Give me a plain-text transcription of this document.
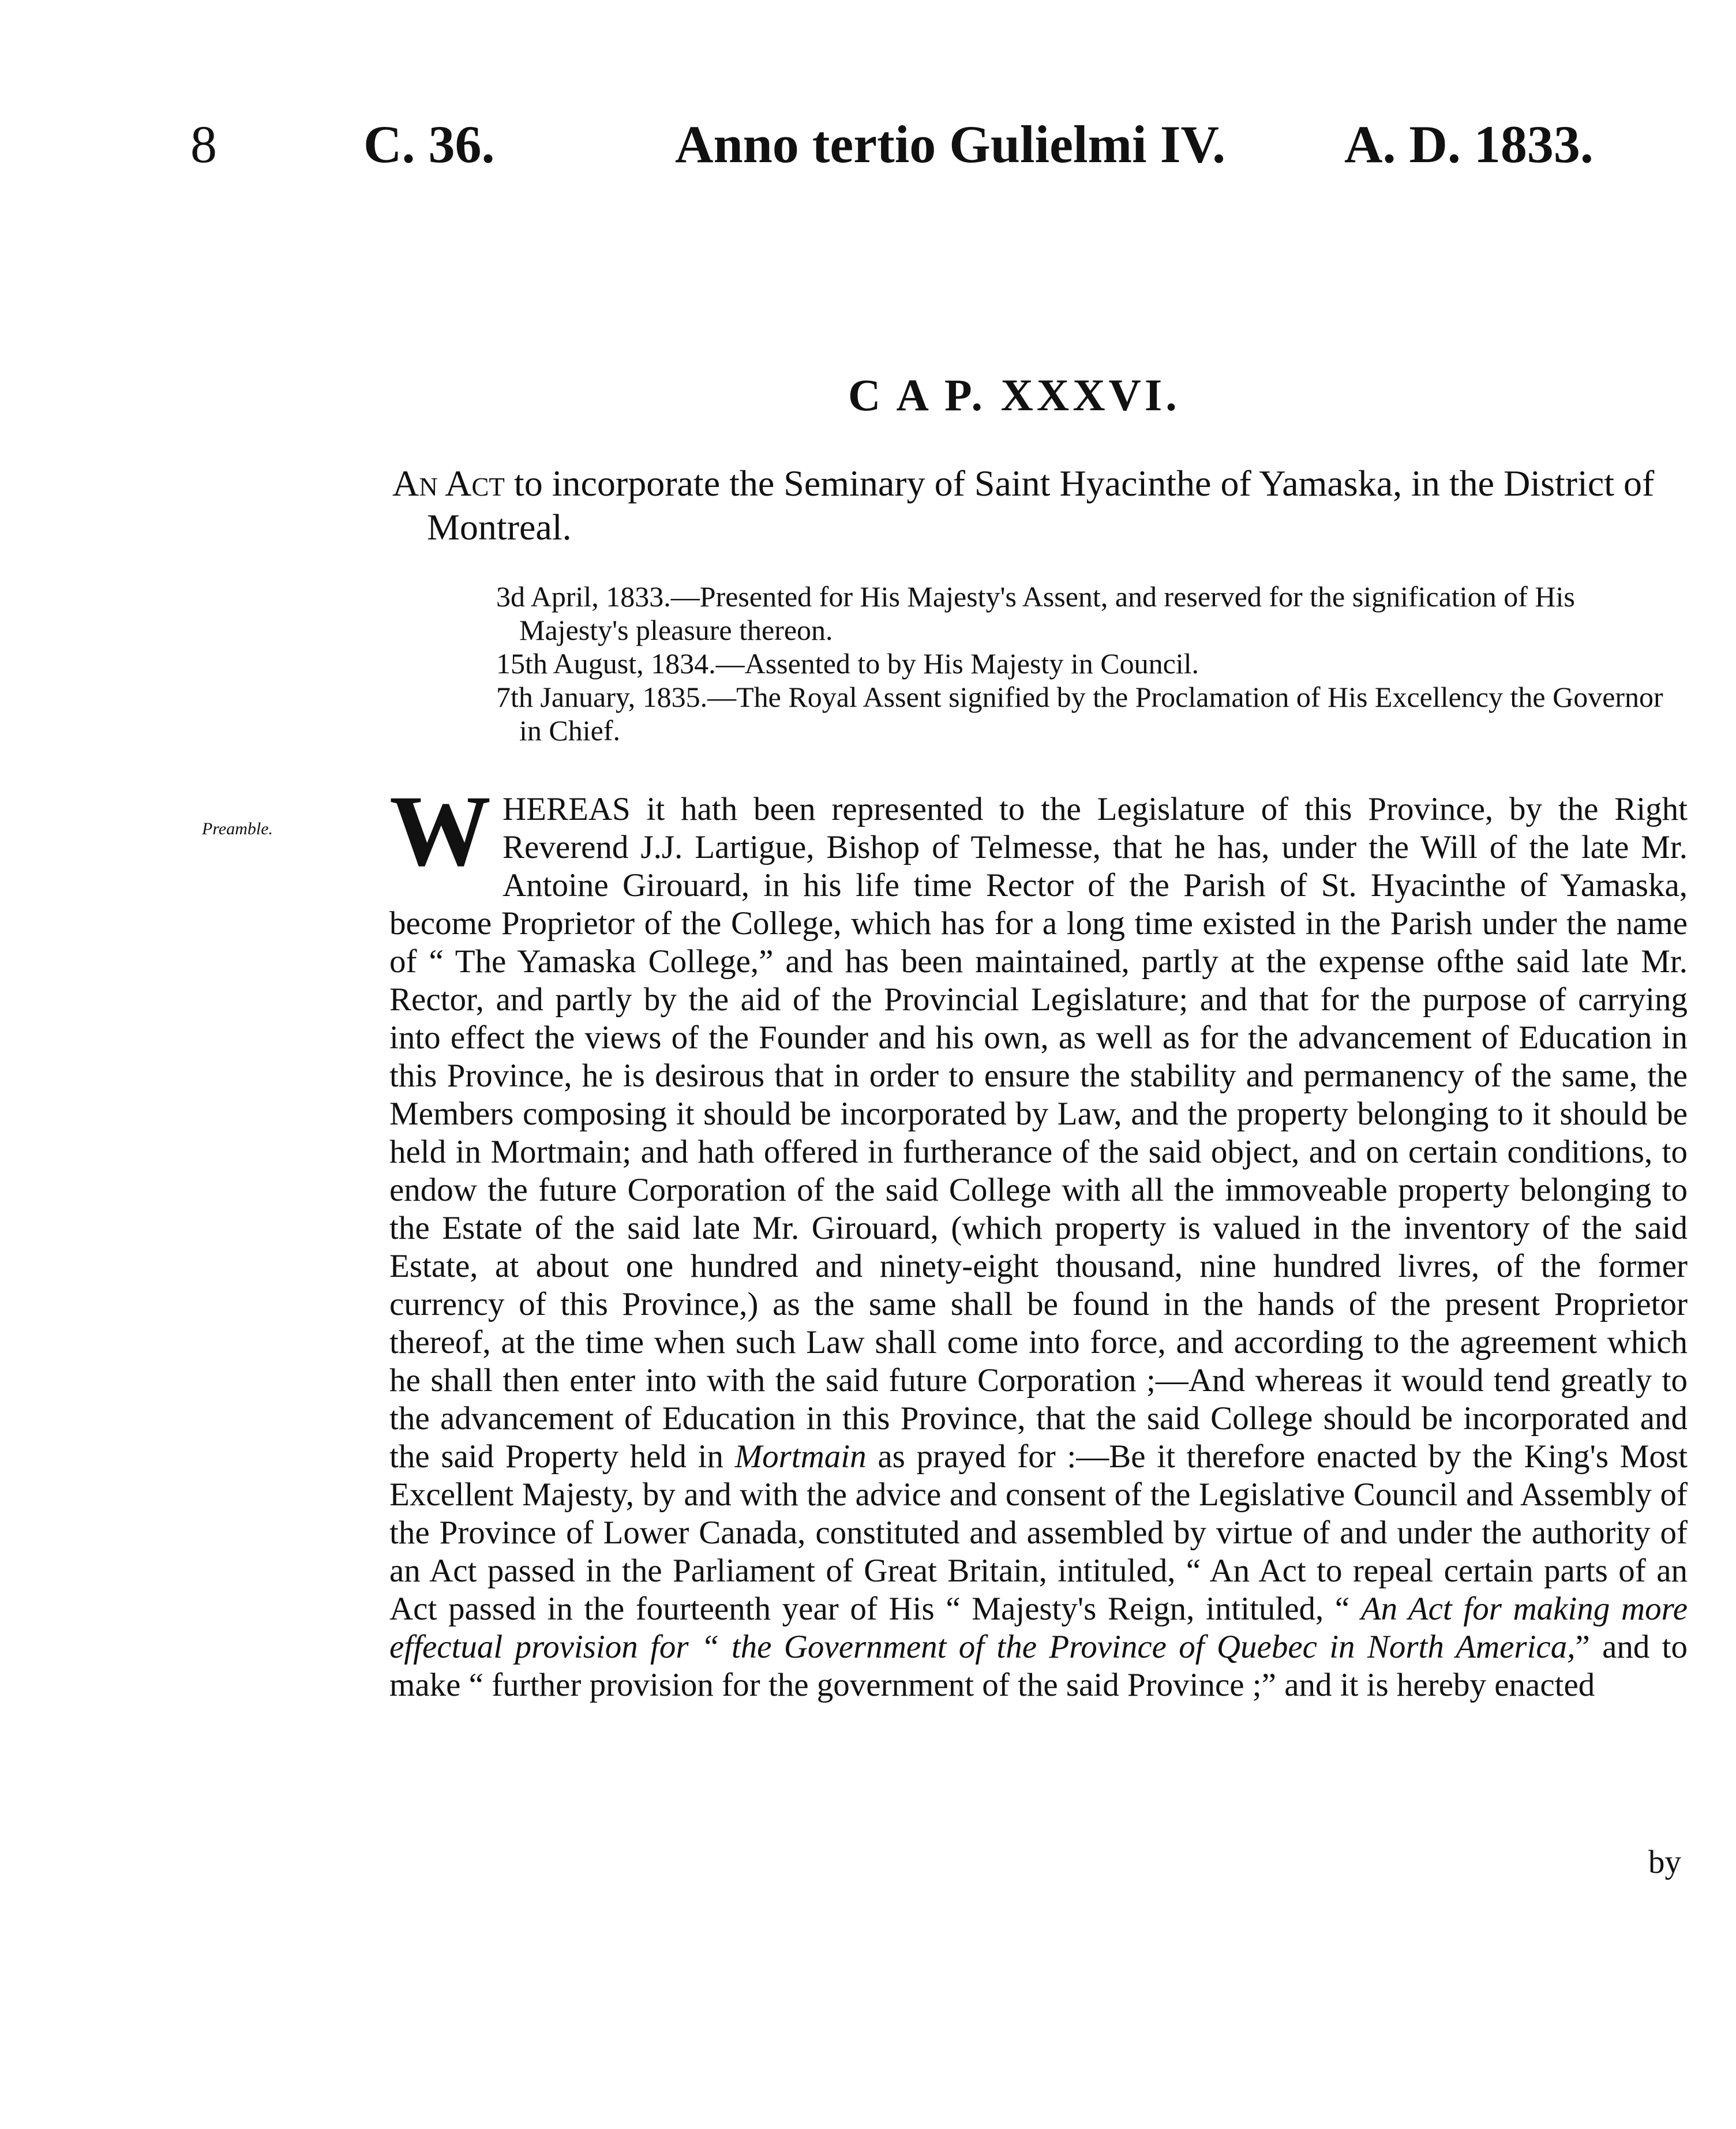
8	C. 36.	Anno tertio Gulielmi IV. A. D. 1833.
C A P. XXXVI.
An Act to incorporate the Seminary of Saint Hyacinthe of Yamaska, in the District of Montreal.

3d April, 1833.—Presented for His Majesty's Assent, and reserved for the signification of His Majesty's pleasure thereon.

15th August, 1834.—Assented to by His Majesty in Council.

7th January, 1835.—The Royal Assent signified by the Proclamation of His Excellency the Governor in Chief.

Preamble. WHEREAS it hath been represented to the Legislature of this Province, by the Right Reverend J.J. Lartigue, Bishop of Telmesse, that he has, under the Will of the late Mr. Antoine Girouard, in his life time Rector of the Parish of St. Hyacinthe of Yamaska, become Proprietor of the College, which has for a long time existed in the Parish under the name of “ The Yamaska College,” and has been maintained, partly at the expense ofthe said late Mr. Rector, and partly by the aid of the Provincial Legislature; and that for the purpose of carrying into effect the views of the Founder and his own, as well as for the advancement of Education in this Province, he is desirous that in order to ensure the stability and permanency of the same, the Members composing it should be incorporated by Law, and the property belonging to it should be held in Mortmain; and hath offered in furtherance of the said object, and on certain conditions, to endow the future Corporation of the said College with all the immoveable property belonging to the Estate of the said late Mr. Girouard, (which property is valued in the inventory of the said Estate, at about one hundred and ninety-eight thousand, nine hundred livres, of the former currency of this Province,) as the same shall be found in the hands of the present Proprietor thereof, at the time when such Law shall come into force, and according to the agreement which he shall then enter into with the said future Corporation ;—And whereas it would tend greatly to the advancement of Education in this Province, that the said College should be incorporated and the said Property held in Mortmain as prayed for :—Be it therefore enacted by the King's Most Excellent Majesty, by and with the advice and consent of the Legislative Council and Assembly of the Province of Lower Canada, constituted and assembled by virtue of and under the authority of an Act passed in the Parliament of Great Britain, intituled, “ An Act to repeal certain parts of an Act passed in the fourteenth year of His “ Majesty's Reign, intituled, “ An Act for making more effectual provision for “ the Government of the Province of Quebec in North America,” and to make “ further provision for the government of the said Province ;” and it is hereby enacted

by
